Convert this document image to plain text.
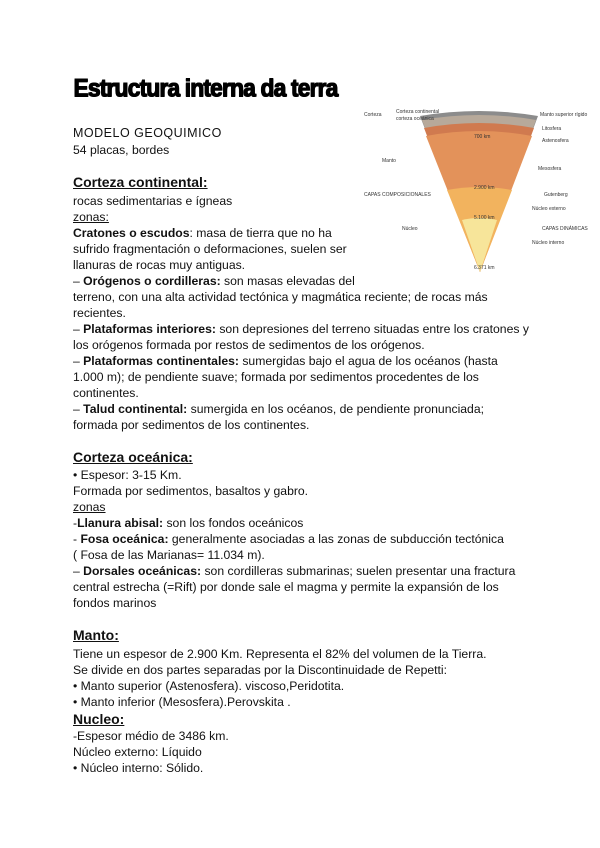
Estructura interna da terra

MODELO GEOQUIMICO

54 placas, bordes

Corteza continental
Corteza
corteza oceánica
700 km
Manto
2.900 km
CAPAS COMPOSICIONALES
5.100 km
Núcleo
6.371 km
Manto superior rígido
Litosfera
Astenosfera
Mesosfera
Gutenberg
Núcleo externo
CAPAS DINÁMICAS
Núcleo interno

Corteza continental:

rocas sedimentarias e ígneas

zonas:

Cratones o escudos: masa de tierra que no ha

sufrido fragmentación o deformaciones, suelen ser

llanuras de rocas muy antiguas.

– Orógenos o cordilleras: son masas elevadas del

terreno, con una alta actividad tectónica y magmática reciente; de rocas más

recientes.

– Plataformas interiores: son depresiones del terreno situadas entre los cratones y

los orógenos formada por restos de sedimentos de los orógenos.

– Plataformas continentales: sumergidas bajo el agua de los océanos (hasta

1.000 m); de pendiente suave; formada por sedimentos procedentes de los

continentes.

– Talud continental: sumergida en los océanos, de pendiente pronunciada;

formada por sedimentos de los continentes.

Corteza oceánica:

• Espesor: 3-15 Km.

Formada por sedimentos, basaltos y gabro.

zonas

-Llanura abisal: son los fondos oceánicos

- Fosa oceánica: generalmente asociadas a las zonas de subducción tectónica

( Fosa de las Marianas= 11.034 m).

– Dorsales oceánicas: son cordilleras submarinas; suelen presentar una fractura

central estrecha (=Rift) por donde sale el magma y permite la expansión de los

fondos marinos

Manto:

Tiene un espesor de 2.900 Km. Representa el 82% del volumen de la Tierra.

Se divide en dos partes separadas por la Discontinuidade de Repetti:

• Manto superior (Astenosfera). viscoso,Peridotita.

• Manto inferior (Mesosfera).Perovskita .

Nucleo:

-Espesor médio de 3486 km.

Núcleo externo: Líquido

• Núcleo interno: Sólido.
